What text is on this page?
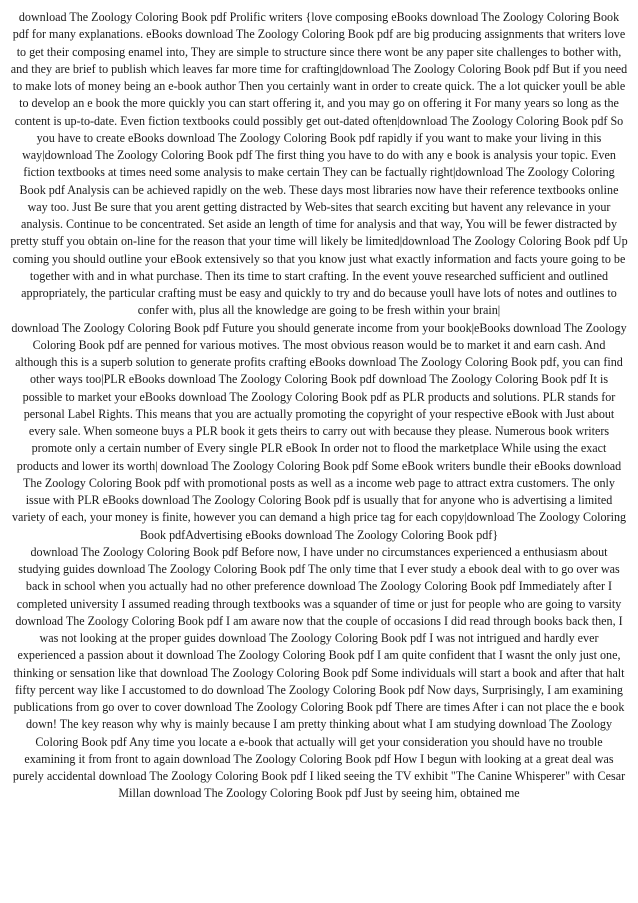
download The Zoology Coloring Book pdf Prolific writers {love composing eBooks download The Zoology Coloring Book pdf for many explanations. eBooks download The Zoology Coloring Book pdf are big producing assignments that writers love to get their composing enamel into, They are simple to structure since there wont be any paper site challenges to bother with, and they are brief to publish which leaves far more time for crafting|download The Zoology Coloring Book pdf But if you need to make lots of money being an e-book author Then you certainly want in order to create quick. The a lot quicker youll be able to develop an e book the more quickly you can start offering it, and you may go on offering it For many years so long as the content is up-to-date. Even fiction textbooks could possibly get out-dated often|download The Zoology Coloring Book pdf So you have to create eBooks download The Zoology Coloring Book pdf rapidly if you want to make your living in this way|download The Zoology Coloring Book pdf The first thing you have to do with any e book is analysis your topic. Even fiction textbooks at times need some analysis to make certain They can be factually right|download The Zoology Coloring Book pdf Analysis can be achieved rapidly on the web. These days most libraries now have their reference textbooks online way too. Just Be sure that you arent getting distracted by Web-sites that search exciting but havent any relevance in your analysis. Continue to be concentrated. Set aside an length of time for analysis and that way, You will be fewer distracted by pretty stuff you obtain on-line for the reason that your time will likely be limited|download The Zoology Coloring Book pdf Up coming you should outline your eBook extensively so that you know just what exactly information and facts youre going to be together with and in what purchase. Then its time to start crafting. In the event youve researched sufficient and outlined appropriately, the particular crafting must be easy and quickly to try and do because youll have lots of notes and outlines to confer with, plus all the knowledge are going to be fresh within your brain|

download The Zoology Coloring Book pdf Future you should generate income from your book|eBooks download The Zoology Coloring Book pdf are penned for various motives. The most obvious reason would be to market it and earn cash. And although this is a superb solution to generate profits crafting eBooks download The Zoology Coloring Book pdf, you can find other ways too|PLR eBooks download The Zoology Coloring Book pdf download The Zoology Coloring Book pdf It is possible to market your eBooks download The Zoology Coloring Book pdf as PLR products and solutions. PLR stands for personal Label Rights. This means that you are actually promoting the copyright of your respective eBook with Just about every sale. When someone buys a PLR book it gets theirs to carry out with because they please. Numerous book writers promote only a certain number of Every single PLR eBook In order not to flood the marketplace While using the exact products and lower its worth| download The Zoology Coloring Book pdf Some eBook writers bundle their eBooks download The Zoology Coloring Book pdf with promotional posts as well as a income web page to attract extra customers. The only issue with PLR eBooks download The Zoology Coloring Book pdf is usually that for anyone who is advertising a limited variety of each, your money is finite, however you can demand a high price tag for each copy|download The Zoology Coloring Book pdfAdvertising eBooks download The Zoology Coloring Book pdf}

download The Zoology Coloring Book pdf Before now, I have under no circumstances experienced a enthusiasm about studying guides download The Zoology Coloring Book pdf The only time that I ever study a ebook deal with to go over was back in school when you actually had no other preference download The Zoology Coloring Book pdf Immediately after I completed university I assumed reading through textbooks was a squander of time or just for people who are going to varsity download The Zoology Coloring Book pdf I am aware now that the couple of occasions I did read through books back then, I was not looking at the proper guides download The Zoology Coloring Book pdf I was not intrigued and hardly ever experienced a passion about it download The Zoology Coloring Book pdf I am quite confident that I wasnt the only just one, thinking or sensation like that download The Zoology Coloring Book pdf Some individuals will start a book and after that halt fifty percent way like I accustomed to do download The Zoology Coloring Book pdf Now days, Surprisingly, I am examining publications from go over to cover download The Zoology Coloring Book pdf There are times After i can not place the e book down! The key reason why why is mainly because I am pretty thinking about what I am studying download The Zoology Coloring Book pdf Any time you locate a e-book that actually will get your consideration you should have no trouble examining it from front to again download The Zoology Coloring Book pdf How I begun with looking at a great deal was purely accidental download The Zoology Coloring Book pdf I liked seeing the TV exhibit "The Canine Whisperer" with Cesar Millan download The Zoology Coloring Book pdf Just by seeing him, obtained me
